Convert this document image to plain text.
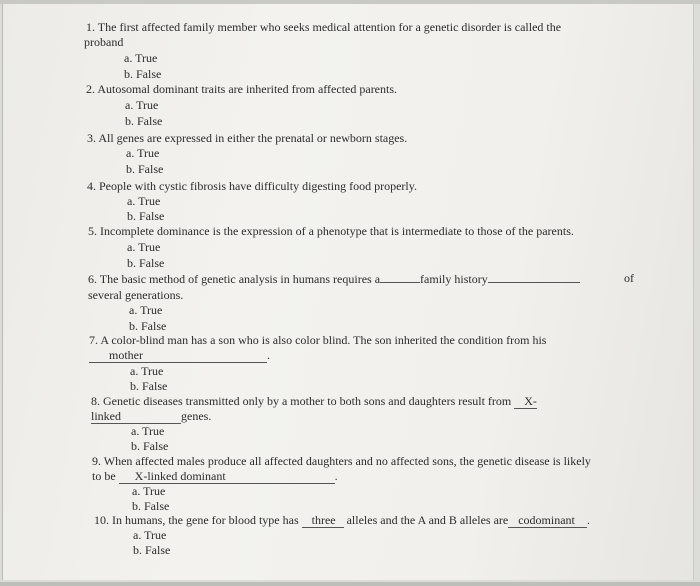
1. The first affected family member who seeks medical attention for a genetic disorder is called the
proband
a. True
b. False
2. Autosomal dominant traits are inherited from affected parents.
a. True
b. False
3. All genes are expressed in either the prenatal or newborn stages.
a. True
b. False
4. People with cystic fibrosis have difficulty digesting food properly.
a. True
b. False
5. Incomplete dominance is the expression of a phenotype that is intermediate to those of the parents.
a. True
b. False
6. The basic method of genetic analysis in humans requires a	family history	of
several generations.
a. True
b. False
7. A color-blind man has a son who is also color blind. The son inherited the condition from his
mother	.
a. True
b. False
8. Genetic diseases transmitted only by a mother to both sons and daughters result from X-
linked	genes.
a. True
b. False
9. When affected males produce all affected daughters and no affected sons, the genetic disease is likely
to be X-linked dominant	.
a. True
b. False
10. In humans, the gene for blood type has three alleles and the A and B alleles are codominant .
a. True
b. False
